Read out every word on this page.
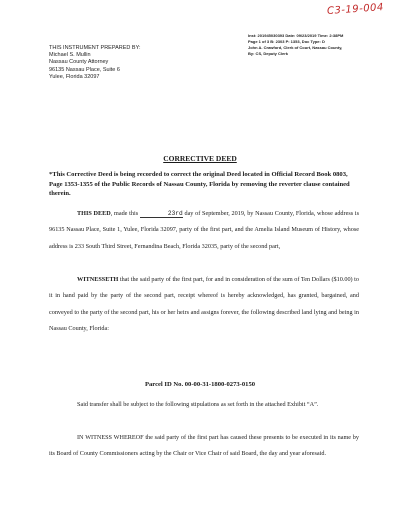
C3-19-004
Inst: 201945030393 Date: 09/23/2019 Time: 2:38PM
Page 1 of 3 B: 2303 P: 1353, Doc Type: D
John A. Crawford, Clerk of Court, Nassau County,
By: CS, Deputy Clerk
THIS INSTRUMENT PREPARED BY:
Michael S. Mullin
Nassau County Attorney
96135 Nassau Place, Suite 6
Yulee, Florida 32097
CORRECTIVE DEED
*This Corrective Deed is being recorded to correct the original Deed located in Official Record Book 0803, Page 1353-1355 of the Public Records of Nassau County, Florida by removing the reverter clause contained therein.
THIS DEED, made this	23rd day of September, 2019, by Nassau County, Florida, whose address is 96135 Nassau Place, Suite 1, Yulee, Florida 32097, party of the first part, and the Amelia Island Museum of History, whose address is 233 South Third Street, Fernandina Beach, Florida 32035, party of the second part,
WITNESSETH that the said party of the first part, for and in consideration of the sum of Ten Dollars ($10.00) to it in hand paid by the party of the second part, receipt whereof is hereby acknowledged, has granted, bargained, and conveyed to the party of the second part, his or her heirs and assigns forever, the following described land lying and being in Nassau County, Florida:
Parcel ID No. 00-00-31-1800-0273-0150
Said transfer shall be subject to the following stipulations as set forth in the attached Exhibit “A”.
IN WITNESS WHEREOF the said party of the first part has caused these presents to be executed in its name by its Board of County Commissioners acting by the Chair or Vice Chair of said Board, the day and year aforesaid.
